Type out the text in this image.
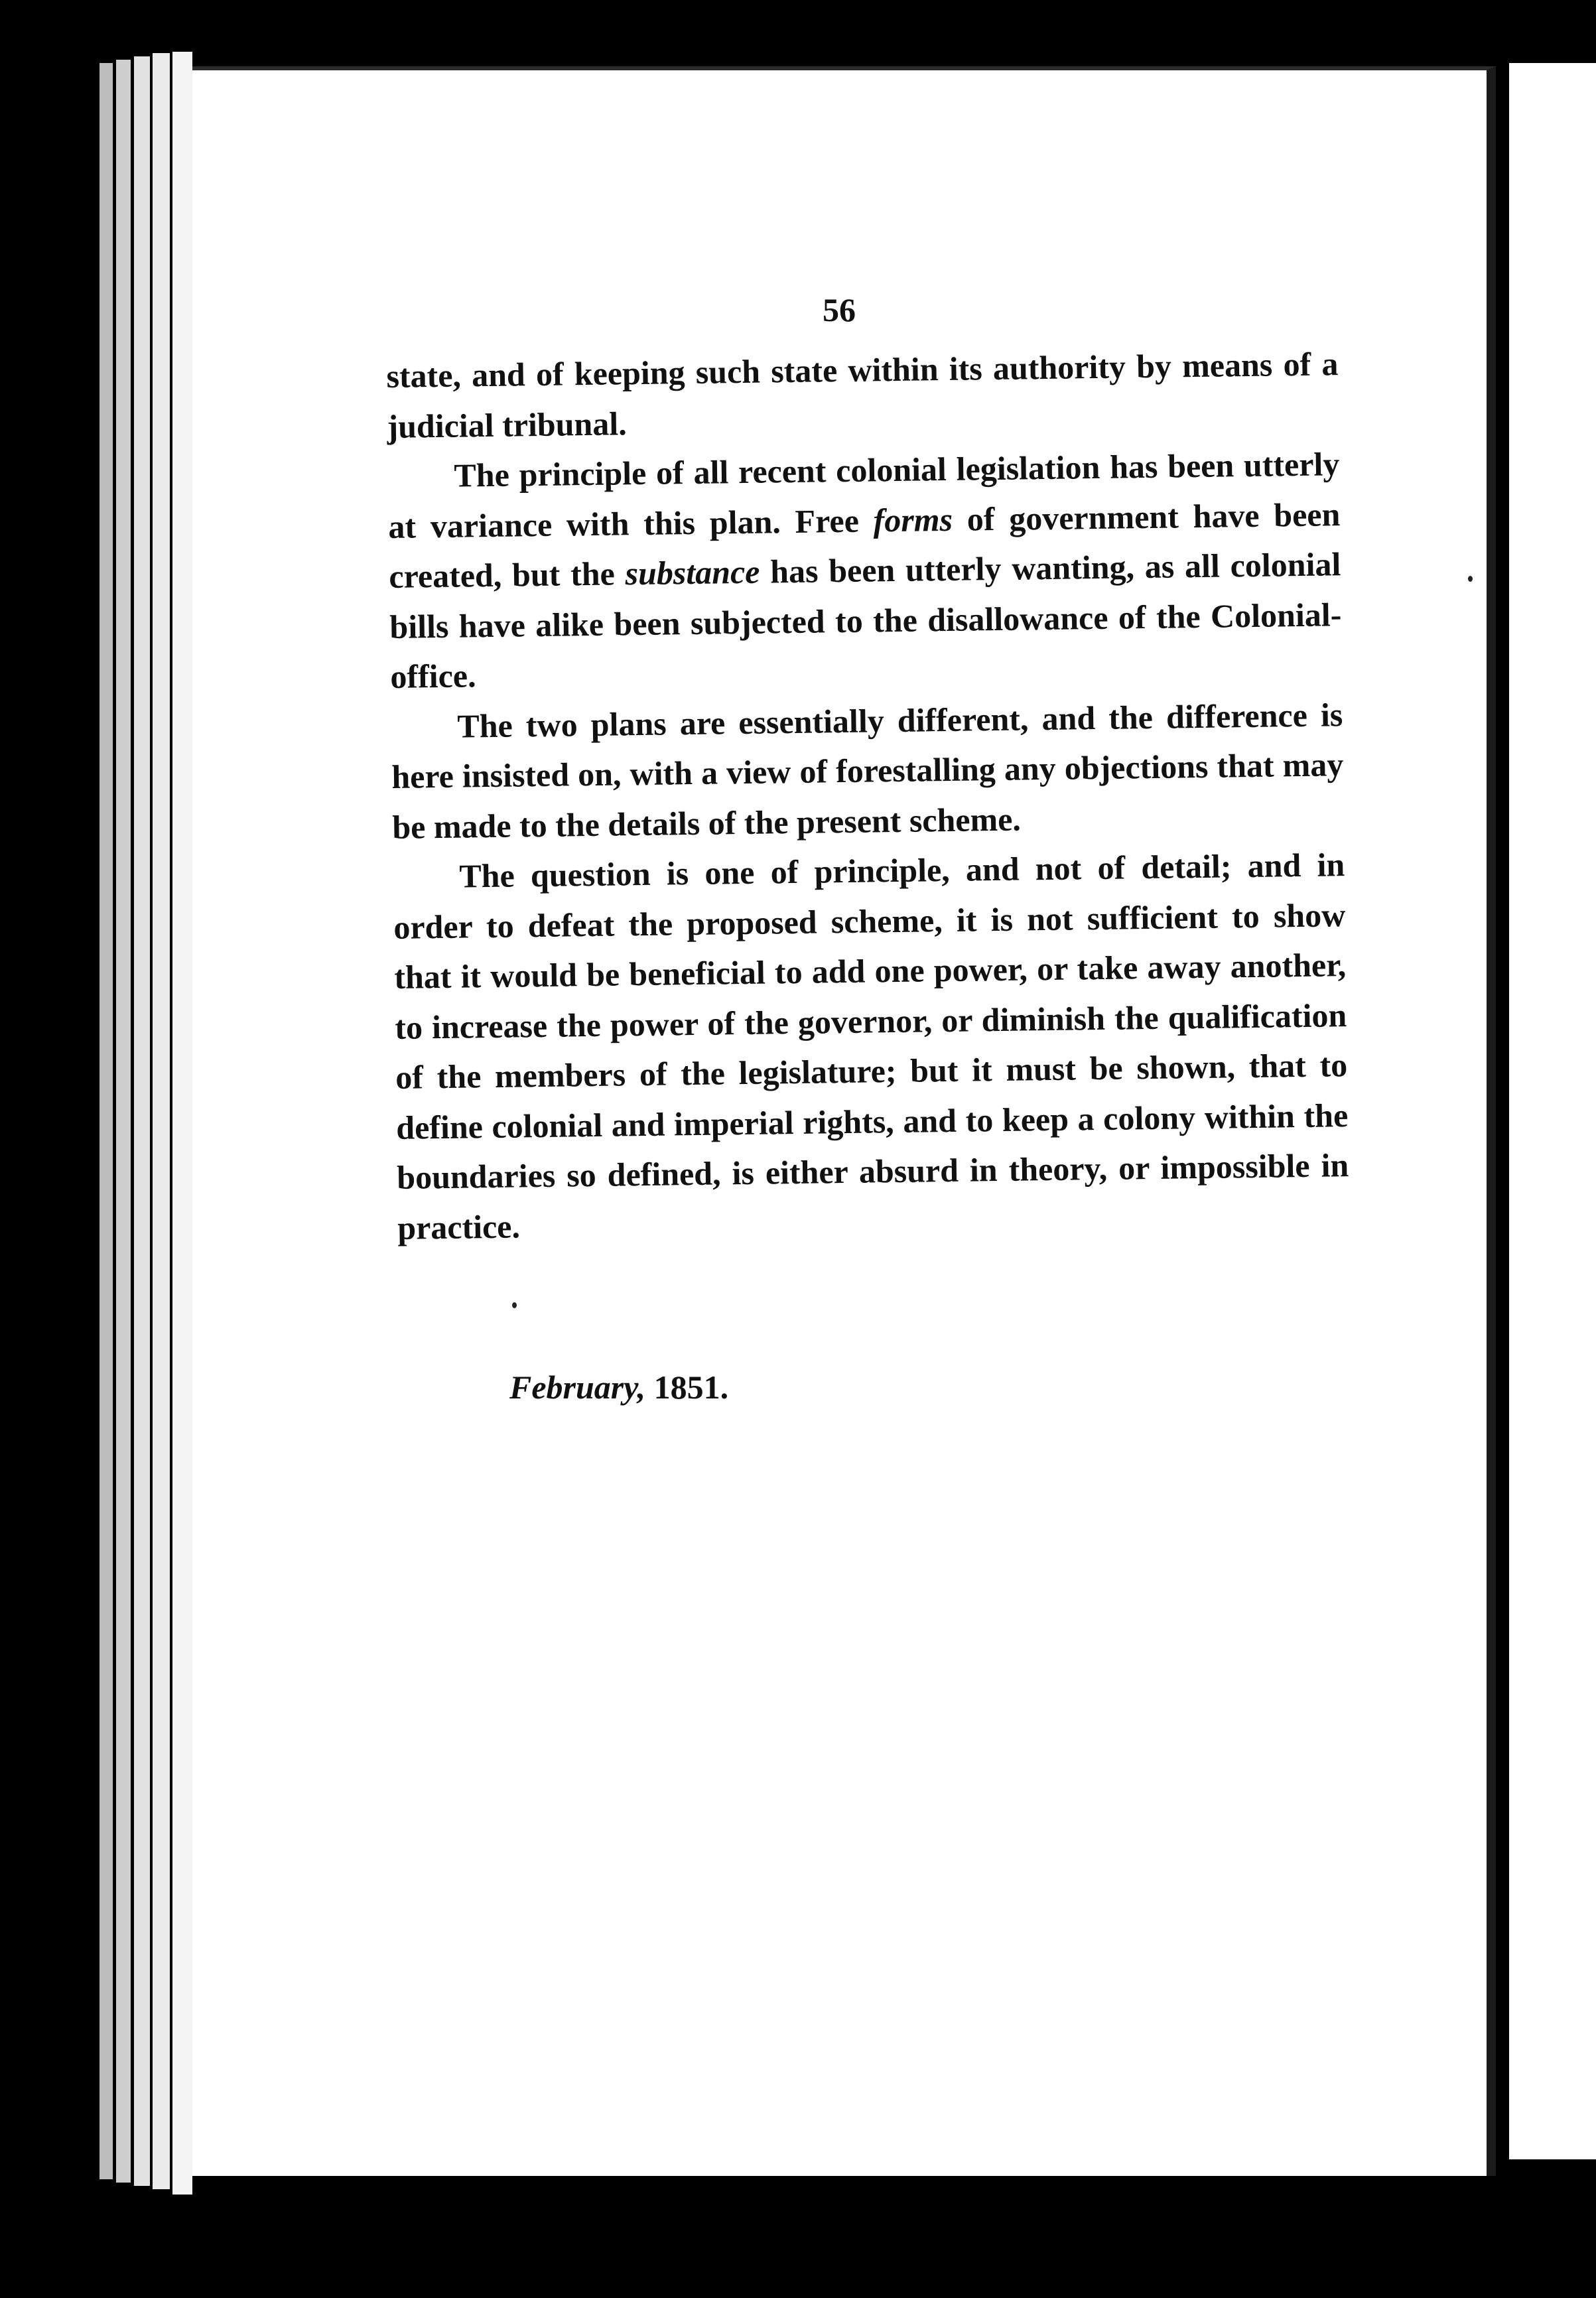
56

state, and of keeping such state within its authority by means of a judicial tribunal.

The principle of all recent colonial legislation has been utterly at variance with this plan. Free forms of government have been created, but the substance has been utterly wanting, as all colonial bills have alike been subjected to the disallowance of the Colonial-office.

The two plans are essentially different, and the difference is here insisted on, with a view of forestalling any objections that may be made to the details of the present scheme.

The question is one of principle, and not of detail; and in order to defeat the proposed scheme, it is not sufficient to show that it would be beneficial to add one power, or take away another, to increase the power of the governor, or diminish the qualification of the members of the legislature; but it must be shown, that to define colonial and imperial rights, and to keep a colony within the boundaries so defined, is either absurd in theory, or impossible in practice.

February, 1851.
